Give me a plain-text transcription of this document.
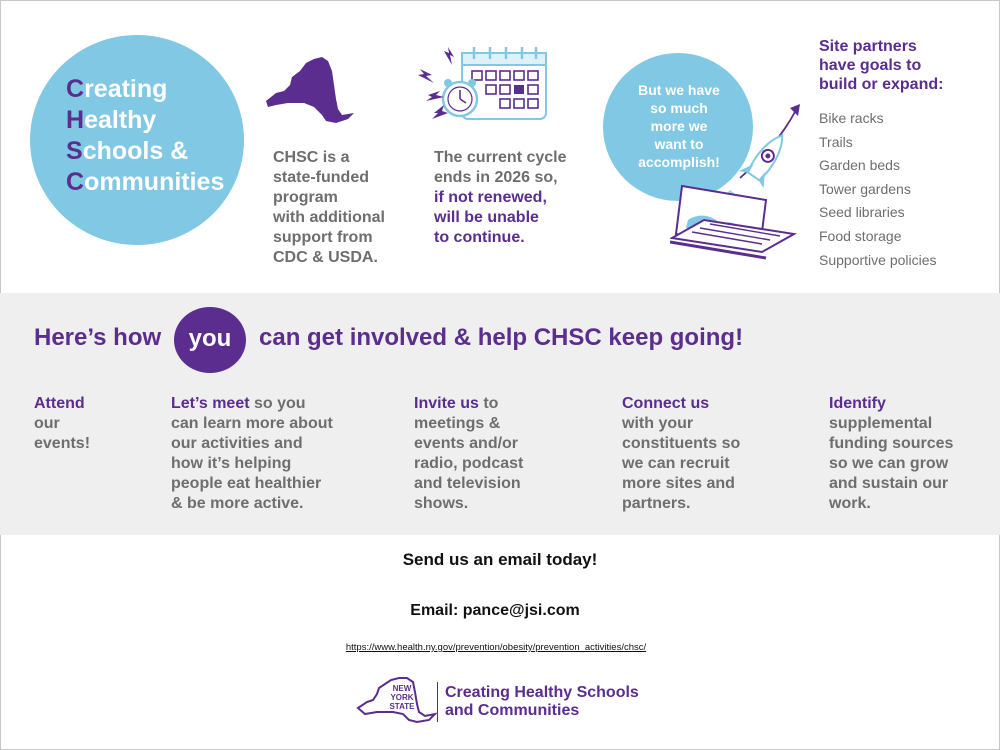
Creating
Healthy
Schools &
Communities
CHSC is a
state-funded
program
with additional
support from
CDC & USDA.
The current cycle
ends in 2026 so,
if not renewed,
will be unable
to continue.
But we have
so much
more we
want to
accomplish!
Site partners
have goals to
build or expand:
Bike racks
Trails
Garden beds
Tower gardens
Seed libraries
Food storage
Supportive policies
Here’s how	you	can get involved & help CHSC keep going!
Attend
our
events!
Let’s meet so you
can learn more about
our activities and
how it’s helping
people eat healthier
& be more active.
Invite us to
meetings &
events and/or
radio, podcast
and television
shows.
Connect us
with your
constituents so
we can recruit
more sites and
partners.
Identify
supplemental
funding sources
so we can grow
and sustain our
work.
Send us an email today!
Email: pance@jsi.com
https://www.health.ny.gov/prevention/obesity/prevention_activities/chsc/
NEW
YORK
STATE
Creating Healthy Schools
and Communities
